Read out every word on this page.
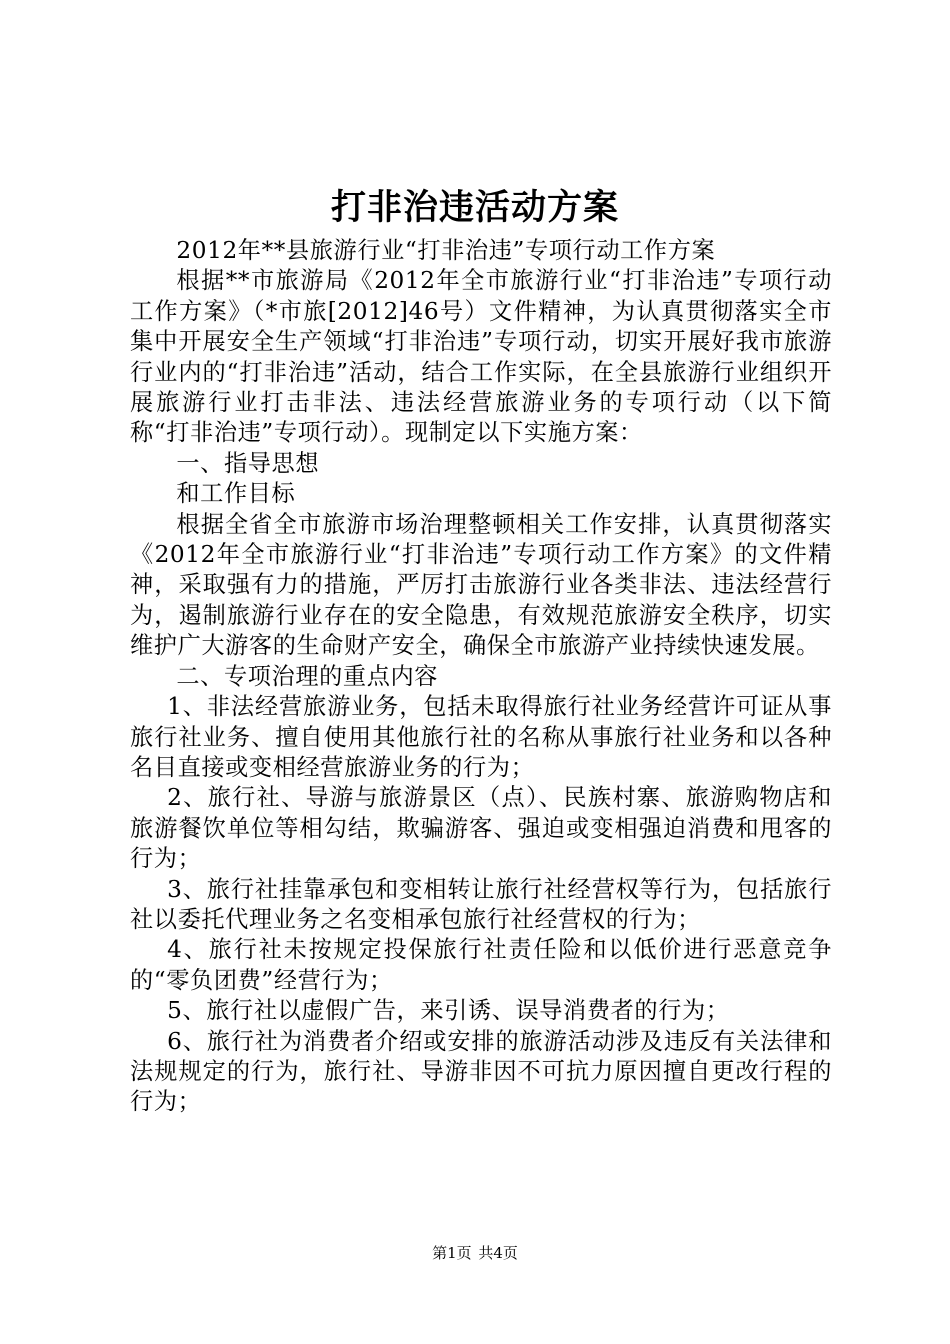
打非治违活动方案

2012年**县旅游行业“打非治违”专项行动工作方案

根据**市旅游局《2012年全市旅游行业“打非治违”专项行动工作方案》（*市旅[2012]46号）文件精神，为认真贯彻落实全市集中开展安全生产领域“打非治违”专项行动，切实开展好我市旅游行业内的“打非治违”活动，结合工作实际，在全县旅游行业组织开展旅游行业打击非法、违法经营旅游业务的专项行动（以下简称“打非治违”专项行动）。现制定以下实施方案：

一、指导思想

和工作目标

根据全省全市旅游市场治理整顿相关工作安排，认真贯彻落实《2012年全市旅游行业“打非治违”专项行动工作方案》的文件精神，采取强有力的措施，严厉打击旅游行业各类非法、违法经营行为，遏制旅游行业存在的安全隐患，有效规范旅游安全秩序，切实维护广大游客的生命财产安全，确保全市旅游产业持续快速发展。

二、专项治理的重点内容

1、非法经营旅游业务，包括未取得旅行社业务经营许可证从事旅行社业务、擅自使用其他旅行社的名称从事旅行社业务和以各种名目直接或变相经营旅游业务的行为；

2、旅行社、导游与旅游景区（点）、民族村寨、旅游购物店和旅游餐饮单位等相勾结，欺骗游客、强迫或变相强迫消费和甩客的行为；

3、旅行社挂靠承包和变相转让旅行社经营权等行为，包括旅行社以委托代理业务之名变相承包旅行社经营权的行为；

4、旅行社未按规定投保旅行社责任险和以低价进行恶意竞争的“零负团费”经营行为；

5、旅行社以虚假广告，来引诱、误导消费者的行为；

6、旅行社为消费者介绍或安排的旅游活动涉及违反有关法律和法规规定的行为，旅行社、导游非因不可抗力原因擅自更改行程的行为；

第1页 共4页
